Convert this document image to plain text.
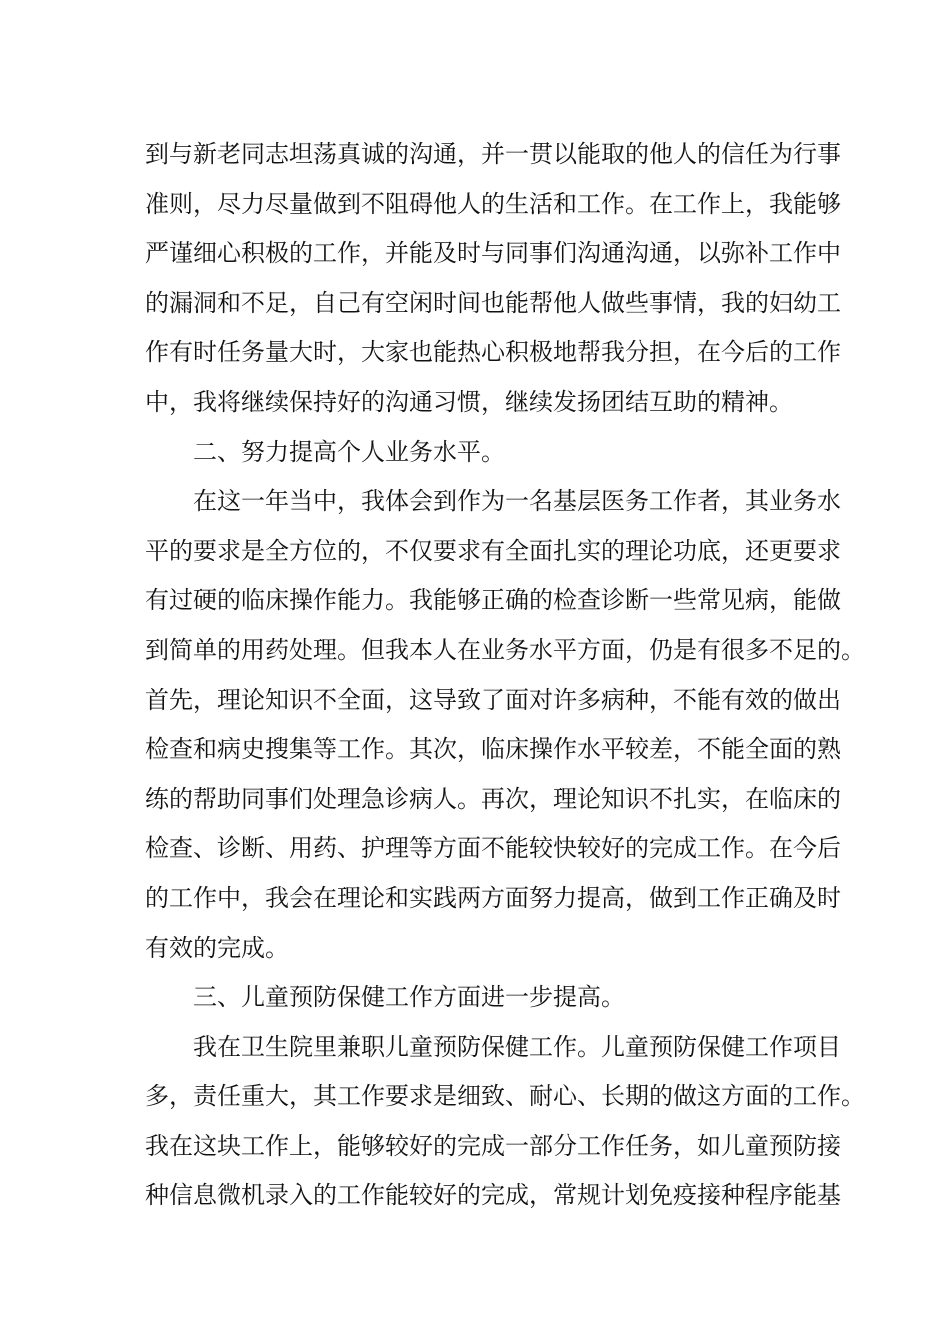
到与新老同志坦荡真诚的沟通，并一贯以能取的他人的信任为行事
准则，尽力尽量做到不阻碍他人的生活和工作。在工作上，我能够
严谨细心积极的工作，并能及时与同事们沟通沟通，以弥补工作中
的漏洞和不足，自己有空闲时间也能帮他人做些事情，我的妇幼工
作有时任务量大时，大家也能热心积极地帮我分担，在今后的工作
中，我将继续保持好的沟通习惯，继续发扬团结互助的精神。
二、努力提高个人业务水平。
在这一年当中，我体会到作为一名基层医务工作者，其业务水
平的要求是全方位的，不仅要求有全面扎实的理论功底，还更要求
有过硬的临床操作能力。我能够正确的检查诊断一些常见病，能做
到简单的用药处理。但我本人在业务水平方面，仍是有很多不足的。
首先，理论知识不全面，这导致了面对许多病种，不能有效的做出
检查和病史搜集等工作。其次，临床操作水平较差，不能全面的熟
练的帮助同事们处理急诊病人。再次，理论知识不扎实，在临床的
检查、诊断、用药、护理等方面不能较快较好的完成工作。在今后
的工作中，我会在理论和实践两方面努力提高，做到工作正确及时
有效的完成。
三、儿童预防保健工作方面进一步提高。
我在卫生院里兼职儿童预防保健工作。儿童预防保健工作项目
多，责任重大，其工作要求是细致、耐心、长期的做这方面的工作。
我在这块工作上，能够较好的完成一部分工作任务，如儿童预防接
种信息微机录入的工作能较好的完成，常规计划免疫接种程序能基
